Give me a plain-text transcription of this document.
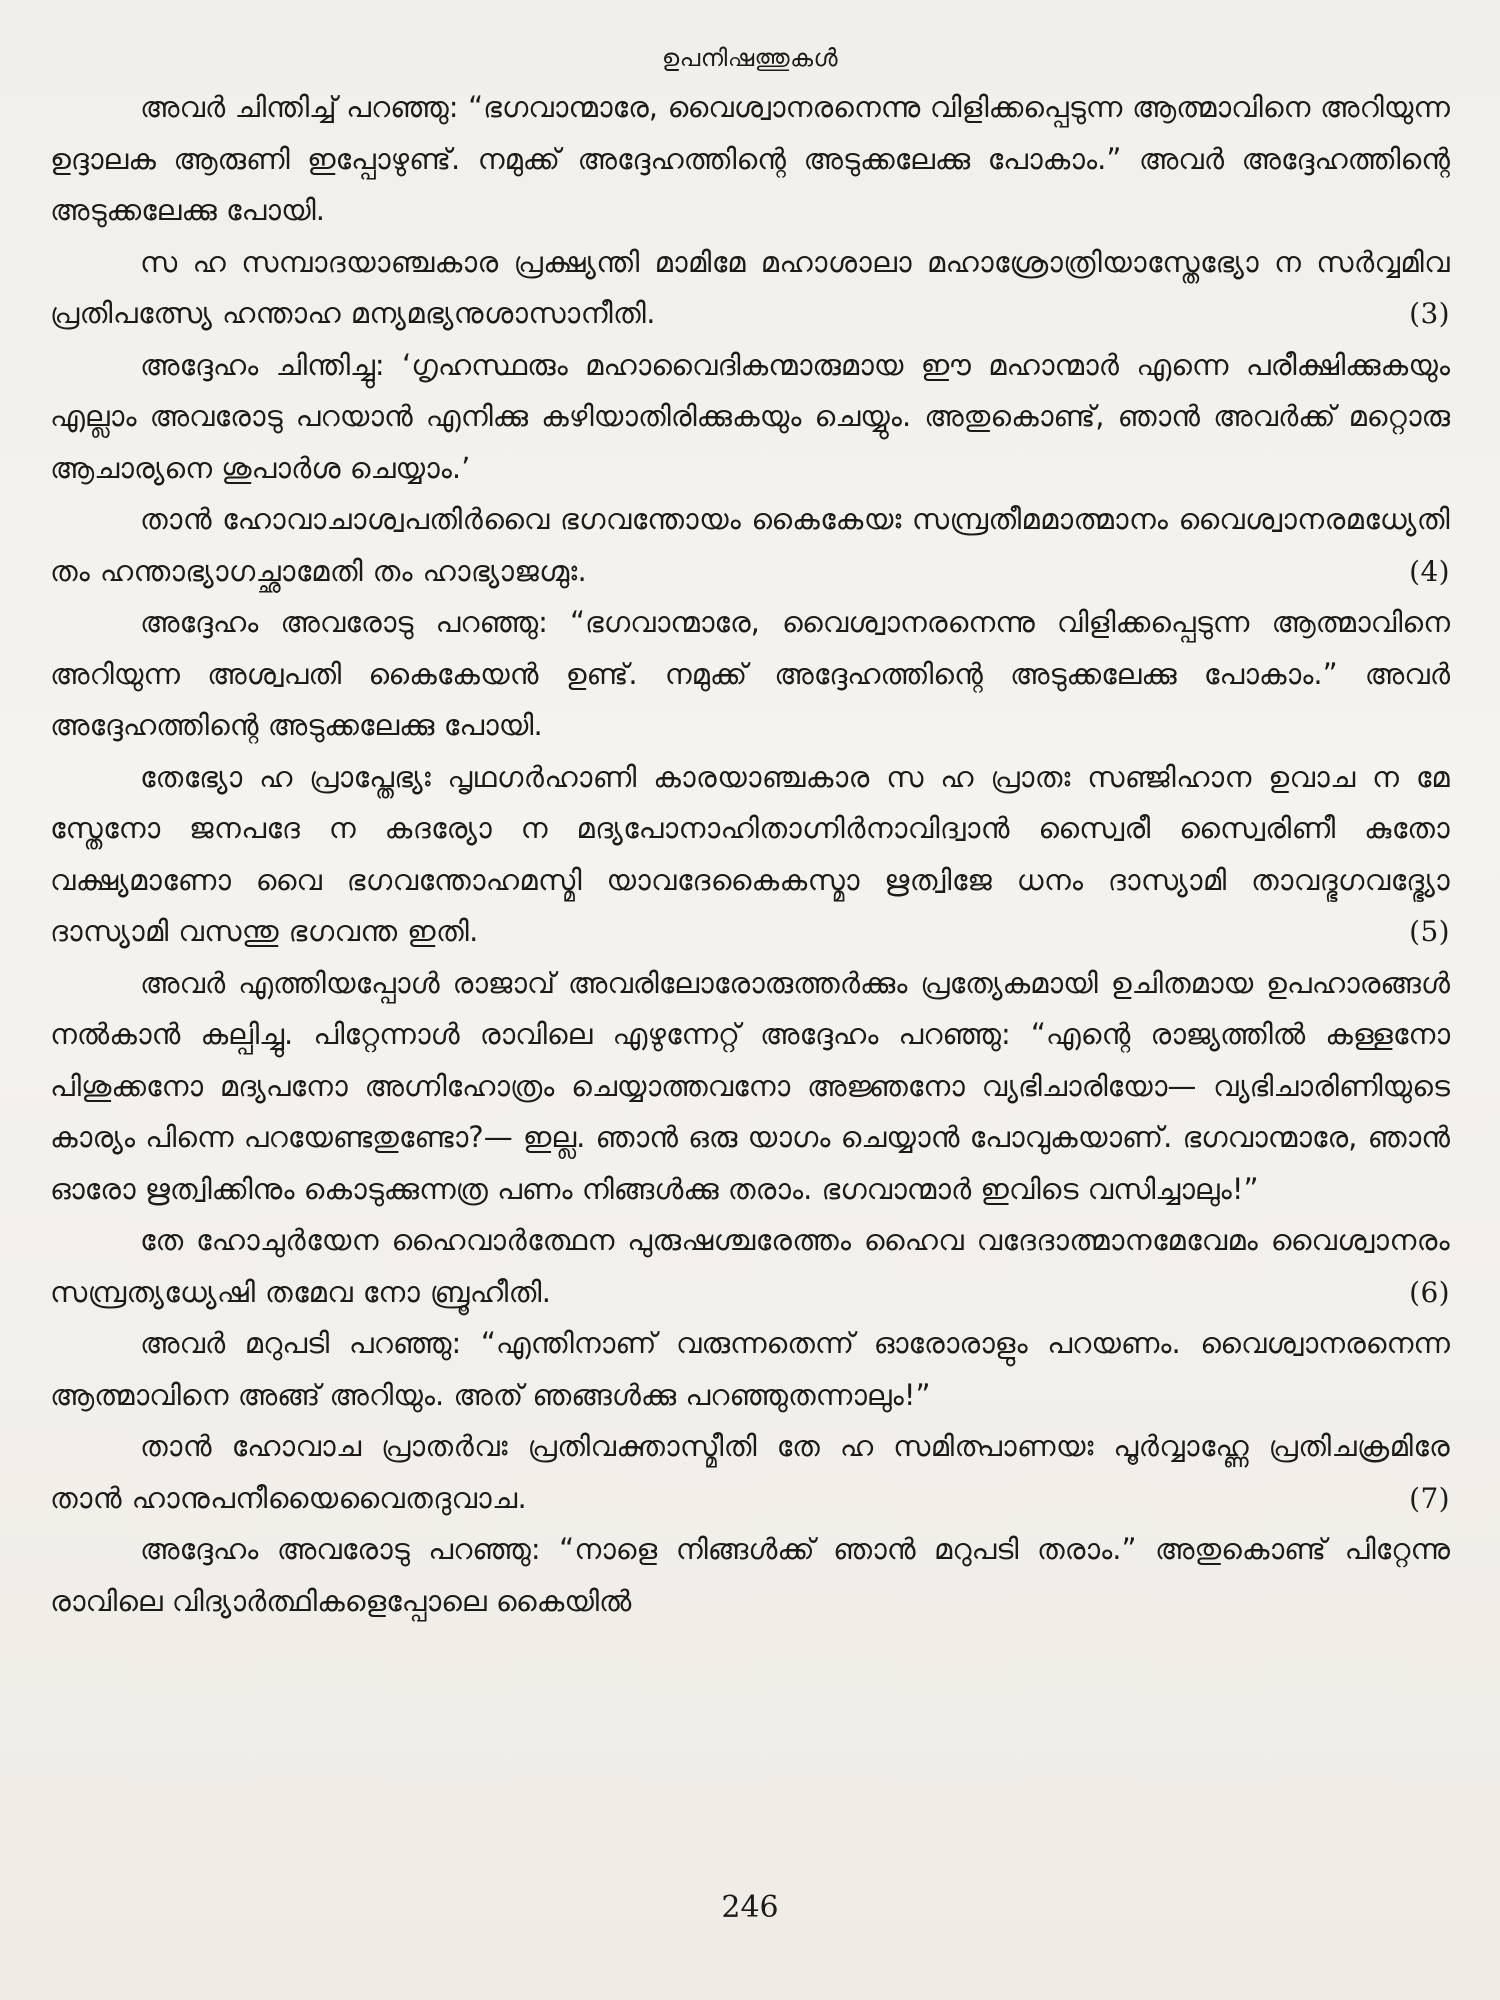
ഉപനിഷത്തുകൾ

അവർ ചിന്തിച്ച് പറഞ്ഞു: “ഭഗവാന്മാരേ, വൈശ്വാനരനെന്നു വിളിക്കപ്പെടുന്ന ആത്മാവിനെ അറിയുന്ന ഉദ്ദാലക ആരുണി ഇപ്പോഴുണ്ട്. നമുക്ക് അദ്ദേഹത്തിന്റെ അടുക്കലേക്കു പോകാം.” അവർ അദ്ദേഹത്തിന്റെ അടുക്കലേക്കു പോയി.

സ ഹ സമ്പാദയാഞ്ചകാര പ്രക്ഷ്യന്തി മാമിമേ മഹാശാലാ മഹാശ്രോത്രിയാസ്തേഭ്യോ ന സർവ്വമിവ പ്രതിപത്സ്യേ ഹന്താഹ മന്യമഭ്യനുശാസാനീതി.	(3)

അദ്ദേഹം ചിന്തിച്ചു: ‘ഗൃഹസ്ഥരും മഹാവൈദികന്മാരുമായ ഈ മഹാന്മാർ എന്നെ പരീക്ഷിക്കുകയും എല്ലാം അവരോടു പറയാൻ എനിക്കു കഴിയാതിരിക്കുകയും ചെയ്യും. അതുകൊണ്ട്, ഞാൻ അവർക്ക് മറ്റൊരു ആചാര്യനെ ശുപാർശ ചെയ്യാം.’

താൻ ഹോവാചാശ്വപതിർവൈ ഭഗവന്തോയം കൈകേയഃ സമ്പ്രതീമമാത്മാനം വൈശ്വാനരമധ്യേതി തം ഹന്താഭ്യാഗച്ഛാമേതി തം ഹാഭ്യാജഗ്മുഃ.	(4)

അദ്ദേഹം അവരോടു പറഞ്ഞു: “ഭഗവാന്മാരേ, വൈശ്വാനരനെന്നു വിളിക്കപ്പെടുന്ന ആത്മാവിനെ അറിയുന്ന അശ്വപതി കൈകേയൻ ഉണ്ട്. നമുക്ക് അദ്ദേഹത്തിന്റെ അടുക്കലേക്കു പോകാം.” അവർ അദ്ദേഹത്തിന്റെ അടുക്കലേക്കു പോയി.

തേഭ്യോ ഹ പ്രാപ്തേഭ്യഃ പൃഥഗർഹാണി കാരയാഞ്ചകാര സ ഹ പ്രാതഃ സഞ്ജിഹാന ഉവാച ന മേ സ്തേനോ ജനപദേ ന കദര്യോ ന മദ്യപോനാഹിതാഗ്നിർനാവിദ്വാൻ സ്വൈരീ സ്വൈരിണീ കുതോ വക്ഷ്യമാണോ വൈ ഭഗവന്തോഹമസ്മി യാവദേകൈകസ്മാ ഋത്വിജേ ധനം ദാസ്യാമി താവദ്ഭഗവദ്ഭ്യോ ദാസ്യാമി വസന്തു ഭഗവന്ത ഇതി.	(5)

അവർ എത്തിയപ്പോൾ രാജാവ് അവരിലോരോരുത്തർക്കും പ്രത്യേകമായി ഉചിതമായ ഉപഹാരങ്ങൾ നൽകാൻ കല്പിച്ചു. പിറ്റേന്നാൾ രാവിലെ എഴുന്നേറ്റ് അദ്ദേഹം പറഞ്ഞു: “എന്റെ രാജ്യത്തിൽ കള്ളനോ പിശുക്കനോ മദ്യപനോ അഗ്നിഹോത്രം ചെയ്യാത്തവനോ അജ്ഞനോ വ്യഭിചാരിയോ— വ്യഭിചാരിണിയുടെ കാര്യം പിന്നെ പറയേണ്ടതുണ്ടോ?— ഇല്ല. ഞാൻ ഒരു യാഗം ചെയ്യാൻ പോവുകയാണ്. ഭഗവാന്മാരേ, ഞാൻ ഓരോ ഋത്വിക്കിനും കൊടുക്കുന്നത്ര പണം നിങ്ങൾക്കു തരാം. ഭഗവാന്മാർ ഇവിടെ വസിച്ചാലും!”

തേ ഹോചുർയേന ഹൈവാർത്ഥേന പുരുഷശ്ചരേത്തം ഹൈവ വദേദാത്മാനമേവേമം വൈശ്വാനരം സമ്പ്രത്യധ്യേഷി തമേവ നോ ബ്രൂഹീതി.	(6)

അവർ മറുപടി പറഞ്ഞു: “എന്തിനാണ് വരുന്നതെന്ന് ഓരോരാളും പറയണം. വൈശ്വാനരനെന്ന ആത്മാവിനെ അങ്ങ് അറിയും. അത് ഞങ്ങൾക്കു പറഞ്ഞുതന്നാലും!”

താൻ ഹോവാച പ്രാതർവഃ പ്രതിവക്താസ്മീതി തേ ഹ സമിത്പാണയഃ പൂർവ്വാഹ്ണേ പ്രതിചക്രമിരേ താൻ ഹാനുപനീയൈവൈതദുവാച.	(7)

അദ്ദേഹം അവരോടു പറഞ്ഞു: “നാളെ നിങ്ങൾക്ക് ഞാൻ മറുപടി തരാം.” അതുകൊണ്ട് പിറ്റേന്നു രാവിലെ വിദ്യാർത്ഥികളെപ്പോലെ കൈയിൽ

246
